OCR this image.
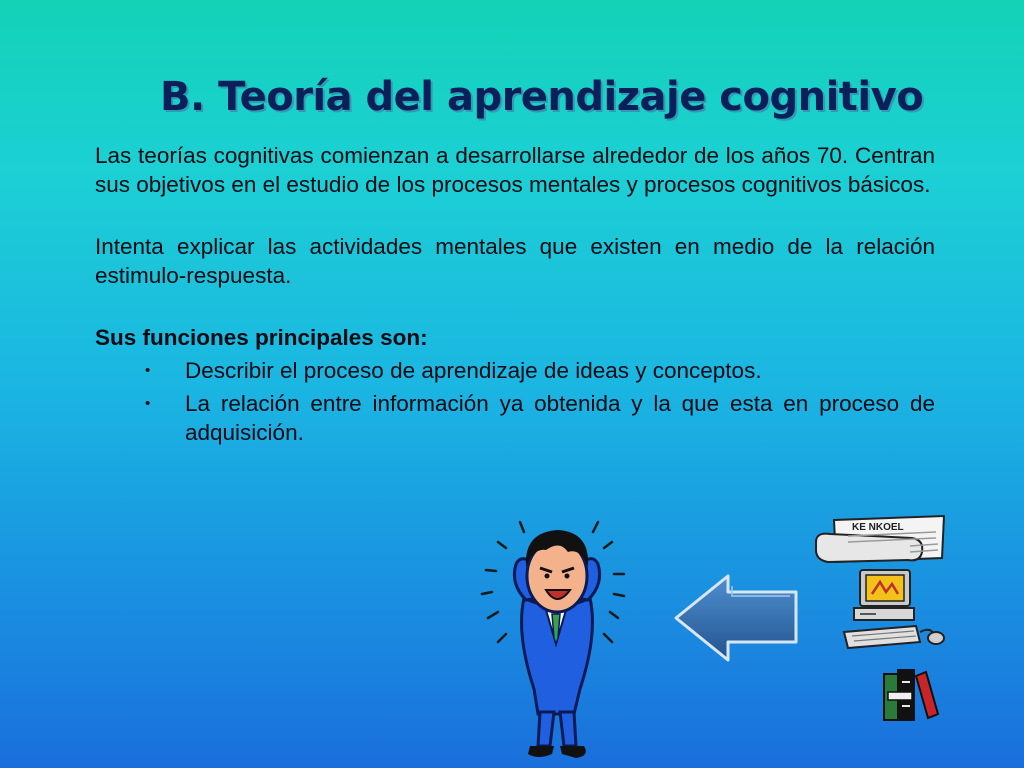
B. Teoría del aprendizaje cognitivo

Las teorías cognitivas comienzan a desarrollarse alrededor de los años 70. Centran sus objetivos en el estudio de los procesos mentales y procesos cognitivos básicos.

Intenta explicar las actividades mentales que existen en medio de la relación estimulo-respuesta.

Sus funciones principales son:

• Describir el proceso de aprendizaje de ideas y conceptos.
• La relación entre información ya obtenida y la que esta en proceso de adquisición.
KE NKOEL
